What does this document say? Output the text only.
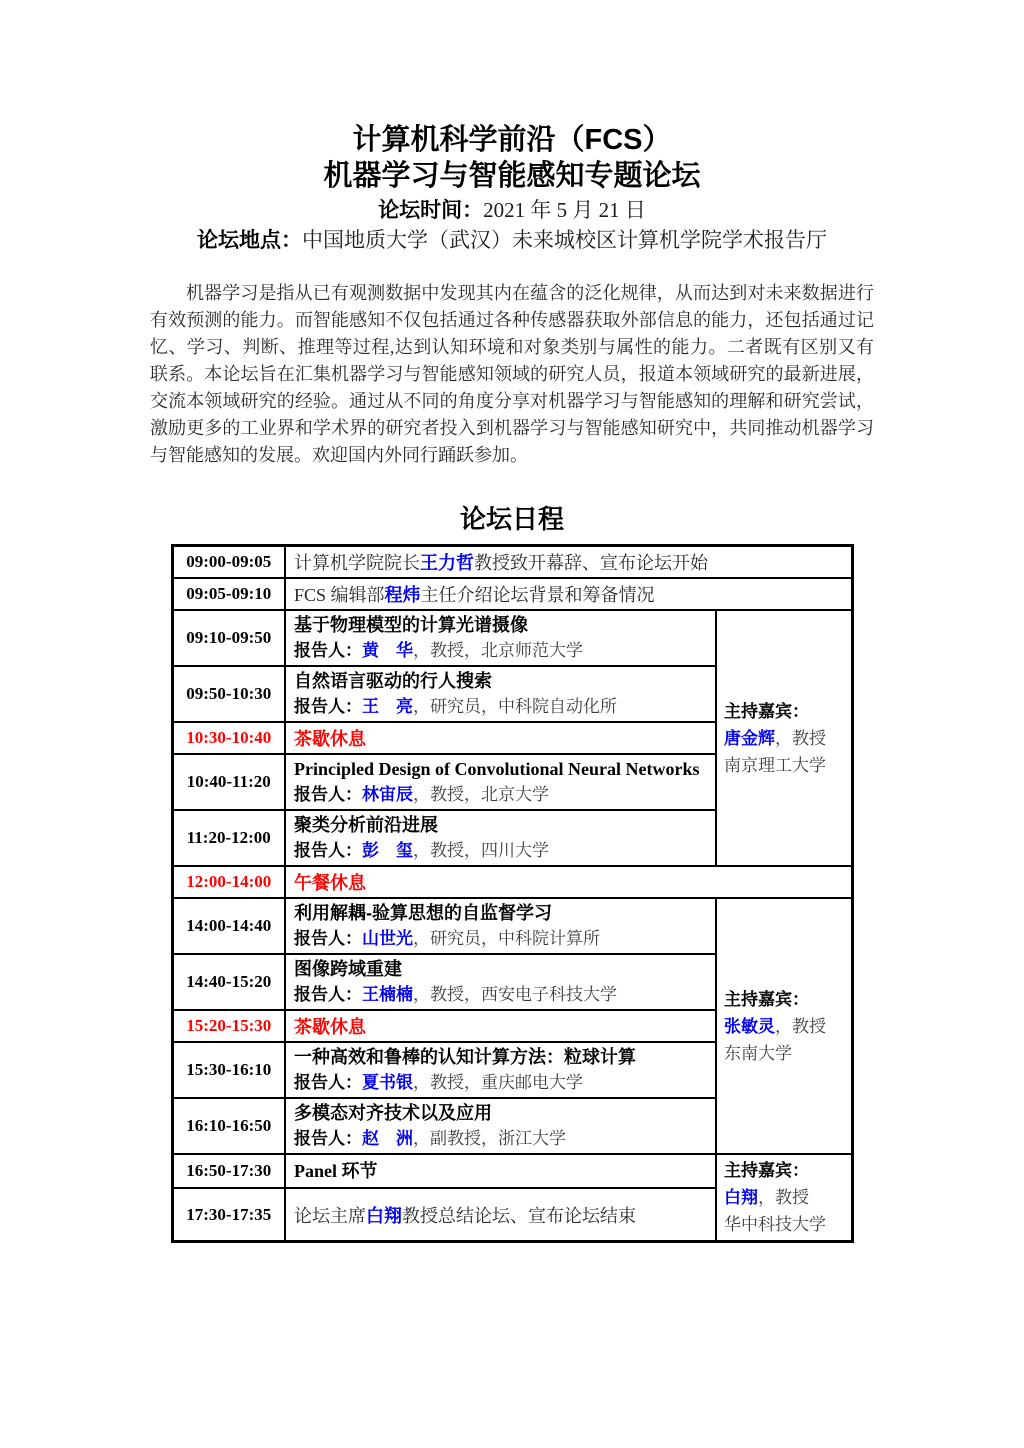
计算机科学前沿（FCS）
机器学习与智能感知专题论坛
论坛时间：2021 年 5 月 21 日
论坛地点：中国地质大学（武汉）未来城校区计算机学院学术报告厅

机器学习是指从已有观测数据中发现其内在蕴含的泛化规律，从而达到对未来数据进行有效预测的能力。而智能感知不仅包括通过各种传感器获取外部信息的能力，还包括通过记忆、学习、判断、推理等过程,达到认知环境和对象类别与属性的能力。二者既有区别又有联系。本论坛旨在汇集机器学习与智能感知领域的研究人员，报道本领域研究的最新进展，交流本领域研究的经验。通过从不同的角度分享对机器学习与智能感知的理解和研究尝试，激励更多的工业界和学术界的研究者投入到机器学习与智能感知研究中，共同推动机器学习与智能感知的发展。欢迎国内外同行踊跃参加。

论坛日程
09:00-09:05	计算机学院院长王力哲教授致开幕辞、宣布论坛开始	
09:05-09:10	FCS 编辑部程炜主任介绍论坛背景和筹备情况	
09:10-09:50	
基于物理模型的计算光谱摄像
报告人：黄　华，教授，北京师范大学

主持嘉宾：
唐金辉，教授
南京理工大学

09:50-10:30	自然语言驱动的行人搜索
报告人：王　亮，研究员，中科院自动化所	

10:30-10:40	茶歇休息	
10:40-11:20	Principled Design of Convolutional Neural Networks
报告人：林宙辰，教授，北京大学	

11:20-12:00	聚类分析前沿进展
报告人：彭　玺，教授，四川大学	

12:00-14:00	午餐休息	
14:00-14:40	
利用解耦-验算思想的自监督学习
报告人：山世光，研究员，中科院计算所

主持嘉宾：
张敏灵，教授
东南大学

14:40-15:20	图像跨域重建
报告人：王楠楠，教授，西安电子科技大学	

15:20-15:30	茶歇休息	
15:30-16:10	一种高效和鲁棒的认知计算方法：粒球计算
报告人：夏书银，教授，重庆邮电大学	

16:10-16:50	多模态对齐技术以及应用
报告人：赵　洲，副教授，浙江大学	

16:50-17:30	Panel 环节	主持嘉宾：
白翔，教授
华中科技大学

17:30-17:35	论坛主席白翔教授总结论坛、宣布论坛结束	
